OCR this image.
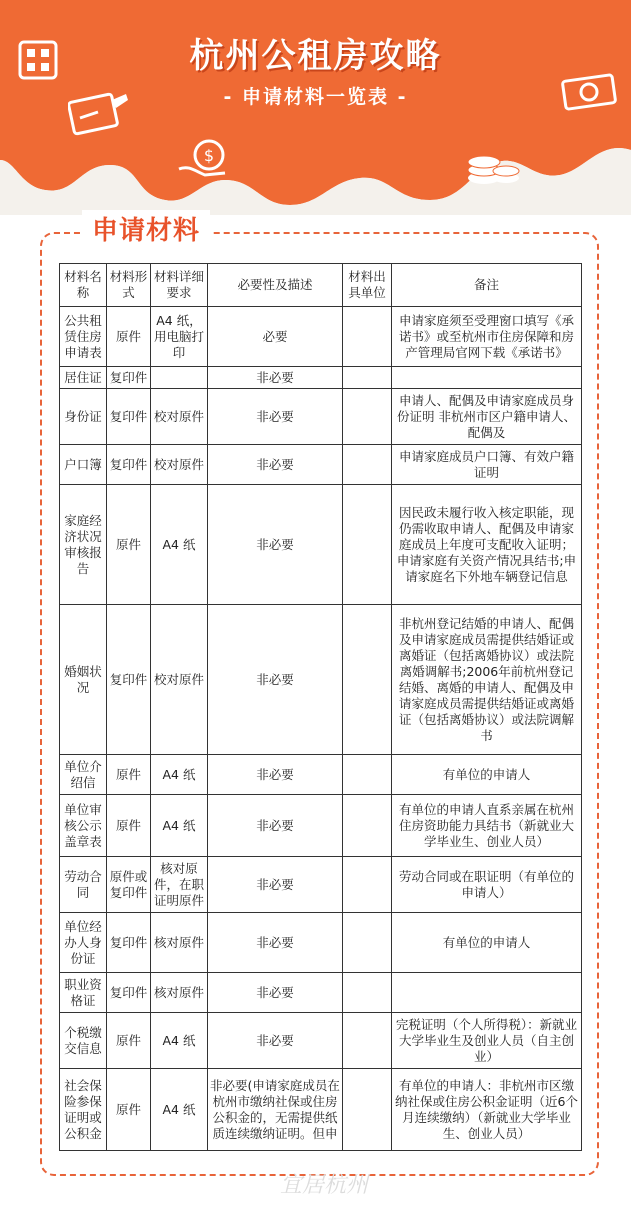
$
杭州公租房攻略
- 申请材料一览表 -
申请材料
材料名称	材料形式	材料详细要求	必要性及描述	材料出具单位	备注
公共租赁住房申请表	原件	A4 纸，用电脑打印	必要		申请家庭须至受理窗口填写《承诺书》或至杭州市住房保障和房产管理局官网下载《承诺书》
居住证	复印件		非必要		
身份证	复印件	校对原件	非必要		申请人、配偶及申请家庭成员身份证明 非杭州市区户籍申请人、配偶及
户口簿	复印件	校对原件	非必要		申请家庭成员户口簿、有效户籍证明
家庭经济状况审核报告	原件	A4 纸	非必要		因民政未履行收入核定职能，现仍需收取申请人、配偶及申请家庭成员上年度可支配收入证明；申请家庭有关资产情况具结书;申请家庭名下外地车辆登记信息
婚姻状况	复印件	校对原件	非必要		非杭州登记结婚的申请人、配偶及申请家庭成员需提供结婚证或离婚证（包括离婚协议）或法院离婚调解书;2006年前杭州登记结婚、离婚的申请人、配偶及申请家庭成员需提供结婚证或离婚证（包括离婚协议）或法院调解书
单位介绍信	原件	A4 纸	非必要		有单位的申请人
单位审核公示盖章表	原件	A4 纸	非必要		有单位的申请人直系亲属在杭州住房资助能力具结书（新就业大学毕业生、创业人员）
劳动合同	原件或复印件	核对原件，在职证明原件	非必要		劳动合同或在职证明（有单位的申请人）
单位经办人身份证	复印件	核对原件	非必要		有单位的申请人
职业资格证	复印件	核对原件	非必要		
个税缴交信息	原件	A4 纸	非必要		完税证明（个人所得税）：新就业大学毕业生及创业人员（自主创业）
社会保险参保证明或公积金	原件	A4 纸	非必要(申请家庭成员在杭州市缴纳社保或住房公积金的，无需提供纸质连续缴纳证明。但申		有单位的申请人：非杭州市区缴纳社保或住房公积金证明（近6个月连续缴纳）（新就业大学毕业生、创业人员）
宜居杭州
